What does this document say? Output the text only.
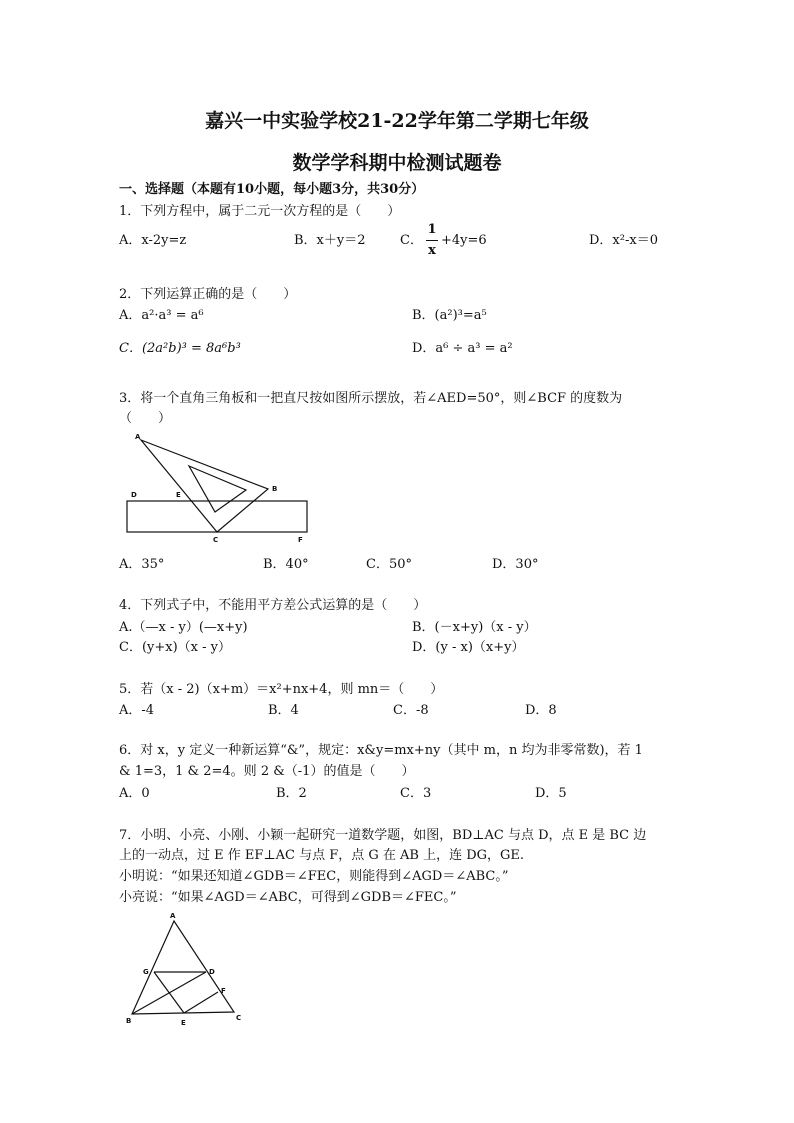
嘉兴一中实验学校21-22学年第二学期七年级
数学学科期中检测试题卷
一、选择题（本题有10小题，每小题3分，共30分）
1．下列方程中，属于二元一次方程的是（　　）
A．x-2y=z	B．x＋y＝2	C．
1
x
+4y=6	D．x²-x＝0
2．下列运算正确的是（　　）
A．a²·a³ = a⁶	B．(a²)³=a⁵
C．(2a²b)³ = 8a⁶b³	D．a⁶ ÷ a³ = a²
3．将一个直角三角板和一把直尺按如图所示摆放，若∠AED=50°，则∠BCF 的度数为
（　　）
A
B
C
D	E
F
A．35°	B．40°	C．50°	D．30°
4．下列式子中，不能用平方差公式运算的是（　　）
A.（—x - y）(—x+y)	B．(－x+y)（x - y）
C．(y+x)（x - y）	D．(y - x)（x+y）
5．若（x - 2)（x+m）＝x²+nx+4，则 mn＝（　　）
A．-4	B．4	C．-8	D．8
6．对 x，y 定义一种新运算“&”，规定：x&y=mx+ny（其中 m，n 均为非零常数)，若 1
& 1=3，1 & 2=4。则 2 &（-1）的值是（　　）
A．0	B．2	C．3	D．5
7．小明、小亮、小刚、小颖一起研究一道数学题，如图，BD⊥AC 与点 D，点 E 是 BC 边
上的一动点，过 E 作 EF⊥AC 与点 F，点 G 在 AB 上，连 DG，GE.
小明说：“如果还知道∠GDB＝∠FEC，则能得到∠AGD＝∠ABC。”
小亮说：“如果∠AGD＝∠ABC，可得到∠GDB＝∠FEC。”
A
B	C
D
E
F
G
